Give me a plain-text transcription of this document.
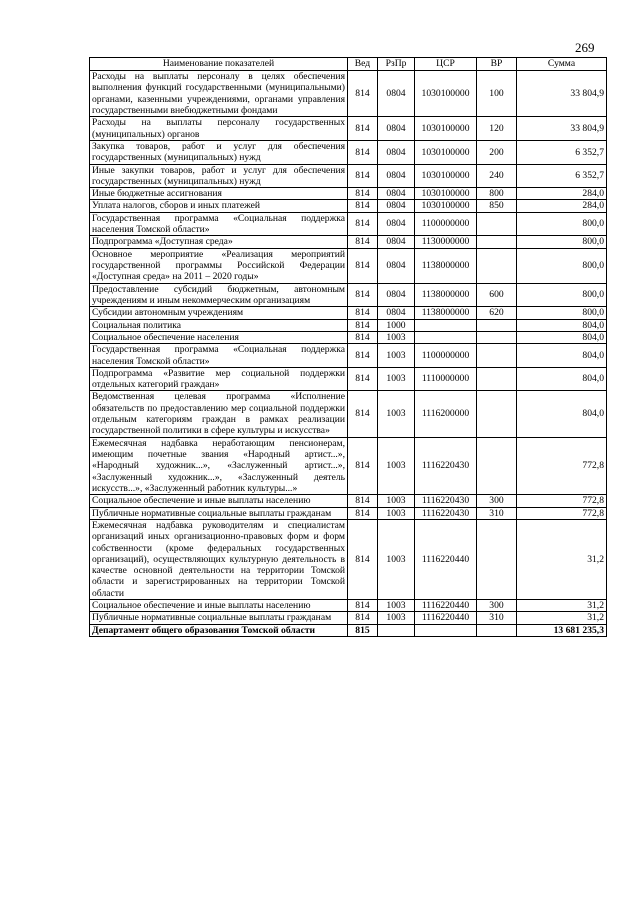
269
Наименование показателей	Вед	РзПр	ЦСР	ВР	Сумма
Расходы на выплаты персоналу в целях обеспечения выполнения функций государственными (муниципальными) органами, казенными учреждениями, органами управления государственными внебюджетными фондами	814	0804	1030100000	100	33 804,9
Расходы на выплаты персоналу государственных (муниципальных) органов	814	0804	1030100000	120	33 804,9
Закупка товаров, работ и услуг для обеспечения государственных (муниципальных) нужд	814	0804	1030100000	200	6 352,7
Иные закупки товаров, работ и услуг для обеспечения государственных (муниципальных) нужд	814	0804	1030100000	240	6 352,7
Иные бюджетные ассигнования	814	0804	1030100000	800	284,0
Уплата налогов, сборов и иных платежей	814	0804	1030100000	850	284,0
Государственная программа «Социальная поддержка населения Томской области»	814	0804	1100000000		800,0
Подпрограмма «Доступная среда»	814	0804	1130000000		800,0
Основное мероприятие «Реализация мероприятий государственной программы Российской Федерации «Доступная среда» на 2011 – 2020 годы»	814	0804	1138000000		800,0
Предоставление субсидий бюджетным, автономным учреждениям и иным некоммерческим организациям	814	0804	1138000000	600	800,0
Субсидии автономным учреждениям	814	0804	1138000000	620	800,0
Социальная политика	814	1000			804,0
Социальное обеспечение населения	814	1003			804,0
Государственная программа «Социальная поддержка населения Томской области»	814	1003	1100000000		804,0
Подпрограмма «Развитие мер социальной поддержки отдельных категорий граждан»	814	1003	1110000000		804,0
Ведомственная целевая программа «Исполнение обязательств по предоставлению мер социальной поддержки отдельным категориям граждан в рамках реализации государственной политики в сфере культуры и искусства»	814	1003	1116200000		804,0
Ежемесячная надбавка неработающим пенсионерам, имеющим почетные звания «Народный артист...», «Народный художник...», «Заслуженный артист...», «Заслуженный художник...», «Заслуженный деятель искусств...», «Заслуженный работник культуры...»	814	1003	1116220430		772,8
Социальное обеспечение и иные выплаты населению	814	1003	1116220430	300	772,8
Публичные нормативные социальные выплаты гражданам	814	1003	1116220430	310	772,8
Ежемесячная надбавка руководителям и специалистам организаций иных организационно-правовых форм и форм собственности (кроме федеральных государственных организаций), осуществляющих культурную деятельность в качестве основной деятельности на территории Томской области и зарегистрированных на территории Томской области	814	1003	1116220440		31,2
Социальное обеспечение и иные выплаты населению	814	1003	1116220440	300	31,2
Публичные нормативные социальные выплаты гражданам	814	1003	1116220440	310	31,2
Департамент общего образования Томской области	815				13 681 235,3
